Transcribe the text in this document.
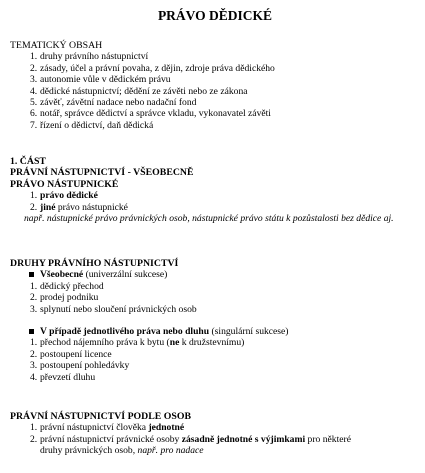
PRÁVO DĚDICKÉ
TEMATICKÝ OBSAH
1. druhy právního nástupnictví
2. zásady, účel a právní povaha, z dějin, zdroje práva dědického
3. autonomie vůle v dědickém právu
4. dědické nástupnictví; dědění ze závěti nebo ze zákona
5. závěť, závětní nadace nebo nadační fond
6. notář, správce dědictví a správce vkladu, vykonavatel závěti
7. řízení o dědictví, daň dědická
1. ČÁST
PRÁVNÍ NÁSTUPNICTVÍ - VŠEOBECNĚ
PRÁVO NÁSTUPNICKÉ
1. právo dědické
2. jiné právo nástupnické
např. nástupnické právo právnických osob, nástupnické právo státu k pozůstalosti bez dědice aj.
DRUHY PRÁVNÍHO NÁSTUPNICTVÍ
Všeobecné (univerzální sukcese)
1. dědický přechod
2. prodej podniku
3. splynutí nebo sloučení právnických osob
V případě jednotlivého práva nebo dluhu (singulární sukcese)
1. přechod nájemního práva k bytu (ne k družstevnímu)
2. postoupení licence
3. postoupení pohledávky
4. převzetí dluhu
PRÁVNÍ NÁSTUPNICTVÍ PODLE OSOB
1. právní nástupnictví člověka jednotné
2. právní nástupnictví právnické osoby zásadně jednotné s výjimkami pro některé
druhy právnických osob, např. pro nadace
